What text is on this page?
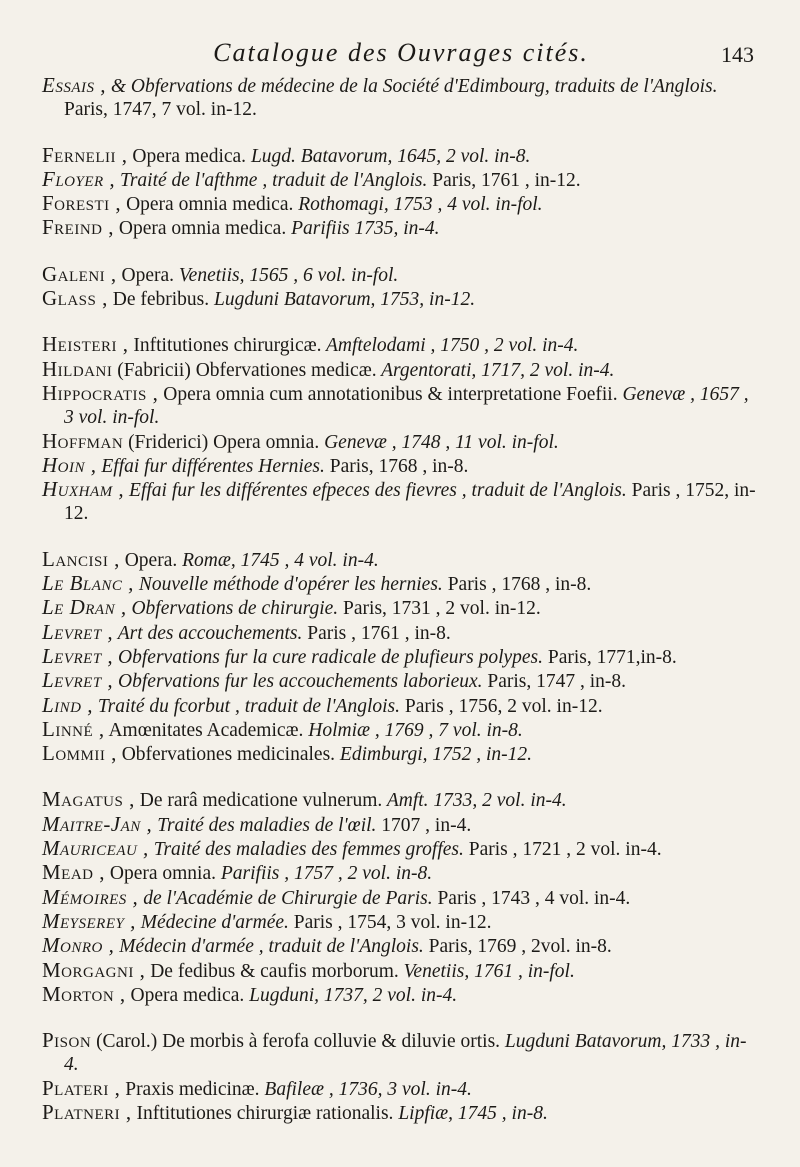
Catalogue des Ouvrages cités.	143

Essais , & Obfervations de médecine de la Société d'Edimbourg, traduits de l'Anglois. Paris, 1747, 7 vol. in-12.

Fernelii , Opera medica. Lugd. Batavorum, 1645, 2 vol. in-8.

Floyer , Traité de l'afthme , traduit de l'Anglois. Paris, 1761 , in-12.

Foresti , Opera omnia medica. Rothomagi, 1753 , 4 vol. in-fol.

Freind , Opera omnia medica. Parifiis 1735, in-4.

Galeni , Opera. Venetiis, 1565 , 6 vol. in-fol.

Glass , De febribus. Lugduni Batavorum, 1753, in-12.

Heisteri , Inftitutiones chirurgicæ. Amftelodami , 1750 , 2 vol. in-4.

Hildani (Fabricii) Obfervationes medicæ. Argentorati, 1717, 2 vol. in-4.

Hippocratis , Opera omnia cum annotationibus & interpretatione Foefii. Genevæ , 1657 , 3 vol. in-fol.

Hoffman (Friderici) Opera omnia. Genevæ , 1748 , 11 vol. in-fol.

Hoin , Effai fur différentes Hernies. Paris, 1768 , in-8.

Huxham , Effai fur les différentes efpeces des fievres , traduit de l'Anglois. Paris , 1752, in-12.

Lancisi , Opera. Romæ, 1745 , 4 vol. in-4.

Le Blanc , Nouvelle méthode d'opérer les hernies. Paris , 1768 , in-8.

Le Dran , Obfervations de chirurgie. Paris, 1731 , 2 vol. in-12.

Levret , Art des accouchements. Paris , 1761 , in-8.

Levret , Obfervations fur la cure radicale de plufieurs polypes. Paris, 1771,in-8.

Levret , Obfervations fur les accouchements laborieux. Paris, 1747 , in-8.

Lind , Traité du fcorbut , traduit de l'Anglois. Paris , 1756, 2 vol. in-12.

Linné , Amœnitates Academicæ. Holmiæ , 1769 , 7 vol. in-8.

Lommii , Obfervationes medicinales. Edimburgi, 1752 , in-12.

Magatus , De rarâ medicatione vulnerum. Amft. 1733, 2 vol. in-4.

Maitre-Jan , Traité des maladies de l'œil. 1707 , in-4.

Mauriceau , Traité des maladies des femmes groffes. Paris , 1721 , 2 vol. in-4.

Mead , Opera omnia. Parifiis , 1757 , 2 vol. in-8.

Mémoires , de l'Académie de Chirurgie de Paris. Paris , 1743 , 4 vol. in-4.

Meyserey , Médecine d'armée. Paris , 1754, 3 vol. in-12.

Monro , Médecin d'armée , traduit de l'Anglois. Paris, 1769 , 2vol. in-8.

Morgagni , De fedibus & caufis morborum. Venetiis, 1761 , in-fol.

Morton , Opera medica. Lugduni, 1737, 2 vol. in-4.

Pison (Carol.) De morbis à ferofa colluvie & diluvie ortis. Lugduni Batavorum, 1733 , in-4.

Plateri , Praxis medicinæ. Bafileæ , 1736, 3 vol. in-4.

Platneri , Inftitutiones chirurgiæ rationalis. Lipfiæ, 1745 , in-8.
